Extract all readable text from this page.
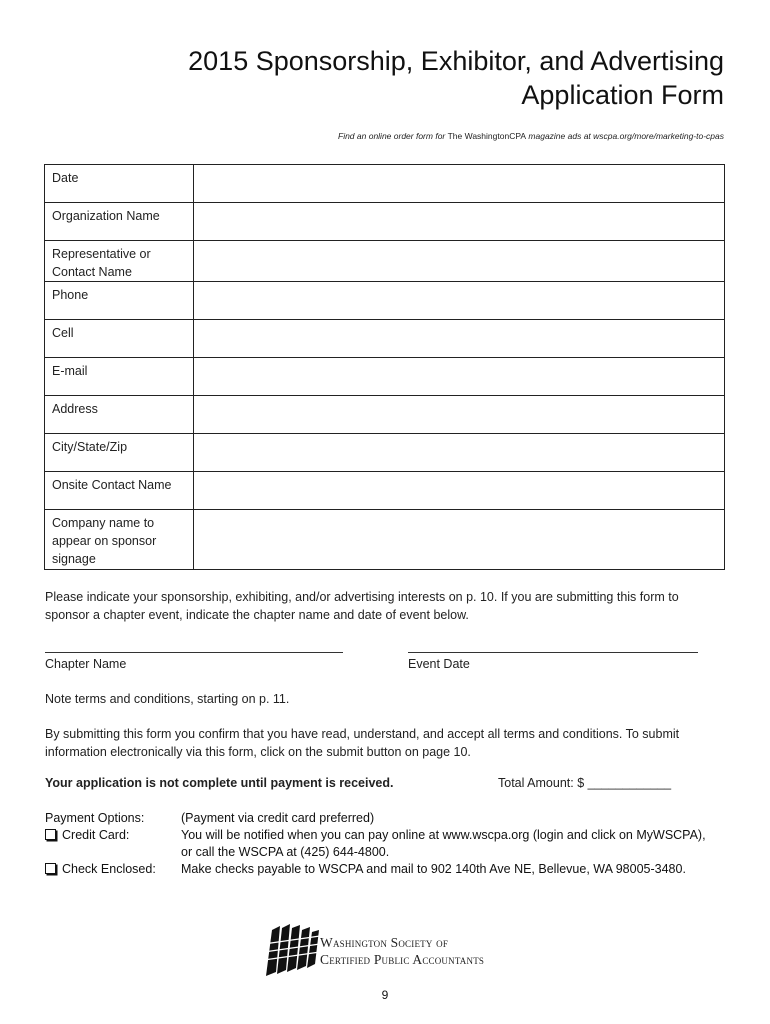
2015 Sponsorship, Exhibitor, and Advertising
Application Form
Find an online order form for The WashingtonCPA magazine ads at wscpa.org/more/marketing-to-cpas
Date	
Organization Name	
Representative or Contact Name	
Phone	
Cell	
E-mail	
Address	
City/State/Zip	
Onsite Contact Name	
Company name to appear on sponsor signage	
Please indicate your sponsorship, exhibiting, and/or advertising interests on p. 10. If you are submitting this form to sponsor a chapter event, indicate the chapter name and date of event below.
Chapter Name	Event Date
Note terms and conditions, starting on p. 11.
By submitting this form you confirm that you have read, understand, and accept all terms and conditions. To submit information electronically via this form, click on the submit button on page 10.
Your application is not complete until payment is received.	Total Amount: $ ____________
Payment Options:	(Payment via credit card preferred)
Credit Card:	You will be notified when you can pay online at www.wscpa.org (login and click on MyWSCPA),
or call the WSCPA at (425) 644-4800.
Check Enclosed:	Make checks payable to WSCPA and mail to 902 140th Ave NE, Bellevue, WA 98005-3480.
Washington Society of
Certified Public Accountants
9
